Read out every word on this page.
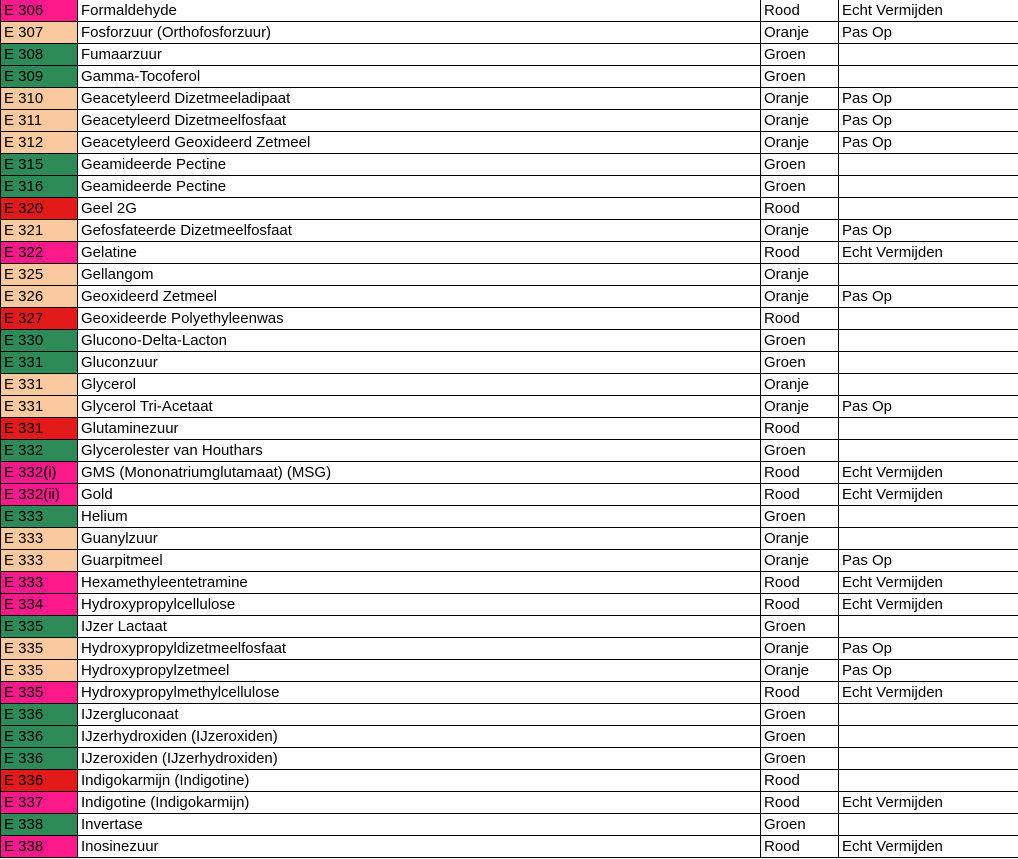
E 306	Formaldehyde	Rood	Echt Vermijden
E 307	Fosforzuur (Orthofosforzuur)	Oranje	Pas Op
E 308	Fumaarzuur	Groen	
E 309	Gamma-Tocoferol	Groen	
E 310	Geacetyleerd Dizetmeeladipaat	Oranje	Pas Op
E 311	Geacetyleerd Dizetmeelfosfaat	Oranje	Pas Op
E 312	Geacetyleerd Geoxideerd Zetmeel	Oranje	Pas Op
E 315	Geamideerde Pectine	Groen	
E 316	Geamideerde Pectine	Groen	
E 320	Geel 2G	Rood	
E 321	Gefosfateerde Dizetmeelfosfaat	Oranje	Pas Op
E 322	Gelatine	Rood	Echt Vermijden
E 325	Gellangom	Oranje	
E 326	Geoxideerd Zetmeel	Oranje	Pas Op
E 327	Geoxideerde Polyethyleenwas	Rood	
E 330	Glucono-Delta-Lacton	Groen	
E 331	Gluconzuur	Groen	
E 331	Glycerol	Oranje	
E 331	Glycerol Tri-Acetaat	Oranje	Pas Op
E 331	Glutaminezuur	Rood	
E 332	Glycerolester van Houthars	Groen	
E 332(i)	GMS (Mononatriumglutamaat) (MSG)	Rood	Echt Vermijden
E 332(ii)	Gold	Rood	Echt Vermijden
E 333	Helium	Groen	
E 333	Guanylzuur	Oranje	
E 333	Guarpitmeel	Oranje	Pas Op
E 333	Hexamethyleentetramine	Rood	Echt Vermijden
E 334	Hydroxypropylcellulose	Rood	Echt Vermijden
E 335	IJzer Lactaat	Groen	
E 335	Hydroxypropyldizetmeelfosfaat	Oranje	Pas Op
E 335	Hydroxypropylzetmeel	Oranje	Pas Op
E 335	Hydroxypropylmethylcellulose	Rood	Echt Vermijden
E 336	IJzergluconaat	Groen	
E 336	IJzerhydroxiden (IJzeroxiden)	Groen	
E 336	IJzeroxiden (IJzerhydroxiden)	Groen	
E 336	Indigokarmijn (Indigotine)	Rood	
E 337	Indigotine (Indigokarmijn)	Rood	Echt Vermijden
E 338	Invertase	Groen	
E 338	Inosinezuur	Rood	Echt Vermijden
